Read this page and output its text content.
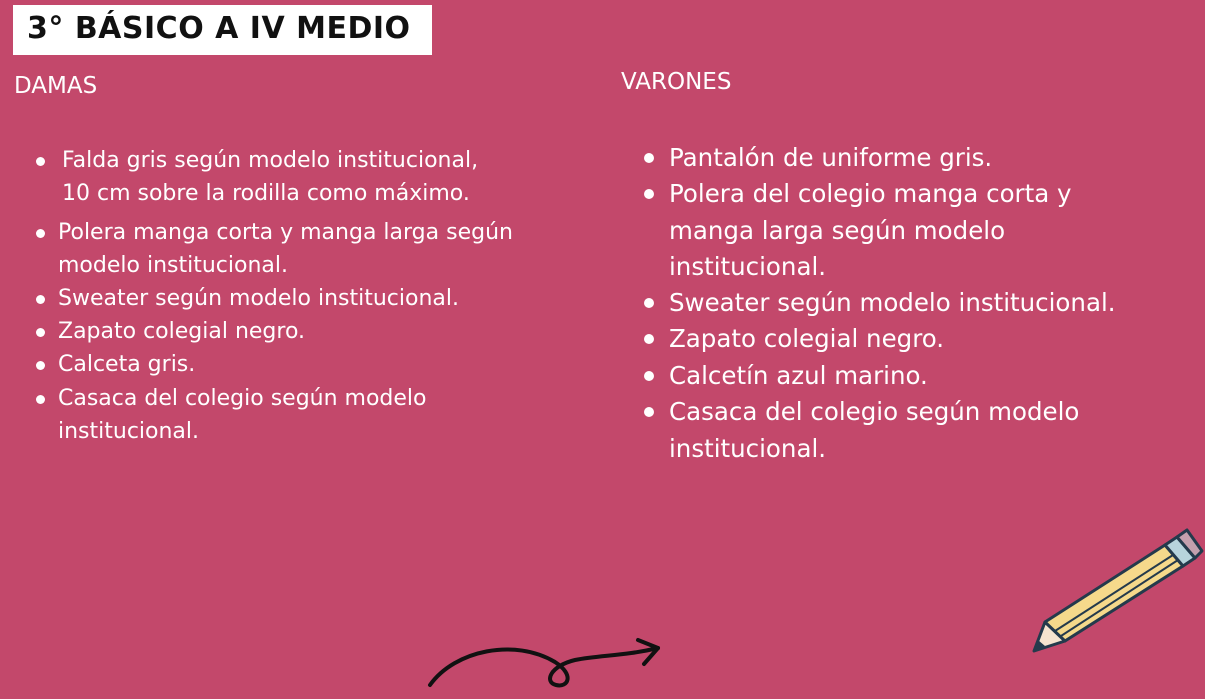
3° BÁSICO A IV MEDIO
DAMAS	VARONES
Falda gris según modelo institucional,
10 cm sobre la rodilla como máximo.
Polera manga corta y manga larga según
modelo institucional.
Sweater según modelo institucional.
Zapato colegial negro.
Calceta gris.
Casaca del colegio según modelo
institucional.
Pantalón de uniforme gris.
Polera del colegio manga corta y
manga larga según modelo
institucional.
Sweater según modelo institucional.
Zapato colegial negro.
Calcetín azul marino.
Casaca del colegio según modelo
institucional.
